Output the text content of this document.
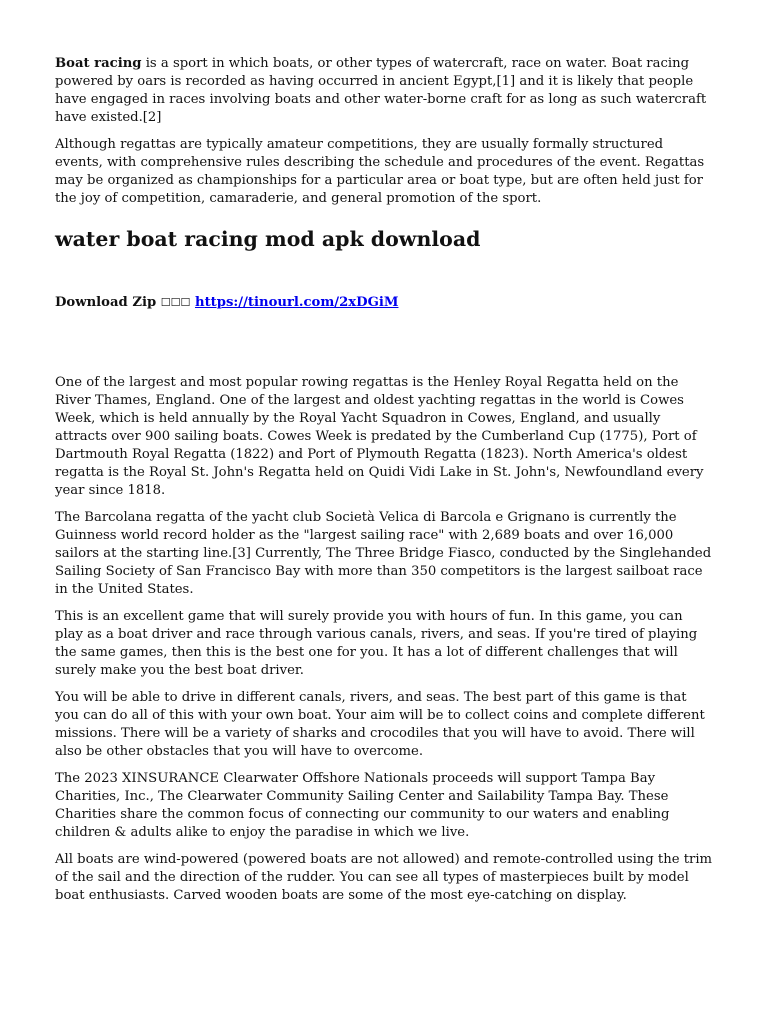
Boat racing is a sport in which boats, or other types of watercraft, race on water. Boat racing powered by oars is recorded as having occurred in ancient Egypt,[1] and it is likely that people have engaged in races involving boats and other water-borne craft for as long as such watercraft have existed.[2]

Although regattas are typically amateur competitions, they are usually formally structured events, with comprehensive rules describing the schedule and procedures of the event. Regattas may be organized as championships for a particular area or boat type, but are often held just for the joy of competition, camaraderie, and general promotion of the sport.

water boat racing mod apk download
Download Zip ☐☐☐ https://tinourl.com/2xDGiM

One of the largest and most popular rowing regattas is the Henley Royal Regatta held on the River Thames, England. One of the largest and oldest yachting regattas in the world is Cowes Week, which is held annually by the Royal Yacht Squadron in Cowes, England, and usually attracts over 900 sailing boats. Cowes Week is predated by the Cumberland Cup (1775), Port of Dartmouth Royal Regatta (1822) and Port of Plymouth Regatta (1823). North America's oldest regatta is the Royal St. John's Regatta held on Quidi Vidi Lake in St. John's, Newfoundland every year since 1818.

The Barcolana regatta of the yacht club Società Velica di Barcola e Grignano is currently the Guinness world record holder as the "largest sailing race" with 2,689 boats and over 16,000 sailors at the starting line.[3] Currently, The Three Bridge Fiasco, conducted by the Singlehanded Sailing Society of San Francisco Bay with more than 350 competitors is the largest sailboat race in the United States.

This is an excellent game that will surely provide you with hours of fun. In this game, you can play as a boat driver and race through various canals, rivers, and seas. If you're tired of playing the same games, then this is the best one for you. It has a lot of different challenges that will surely make you the best boat driver.

You will be able to drive in different canals, rivers, and seas. The best part of this game is that you can do all of this with your own boat. Your aim will be to collect coins and complete different missions. There will be a variety of sharks and crocodiles that you will have to avoid. There will also be other obstacles that you will have to overcome.

The 2023 XINSURANCE Clearwater Offshore Nationals proceeds will support Tampa Bay Charities, Inc., The Clearwater Community Sailing Center and Sailability Tampa Bay. These Charities share the common focus of connecting our community to our waters and enabling children & adults alike to enjoy the paradise in which we live.

All boats are wind-powered (powered boats are not allowed) and remote-controlled using the trim of the sail and the direction of the rudder. You can see all types of masterpieces built by model boat enthusiasts. Carved wooden boats are some of the most eye-catching on display.
